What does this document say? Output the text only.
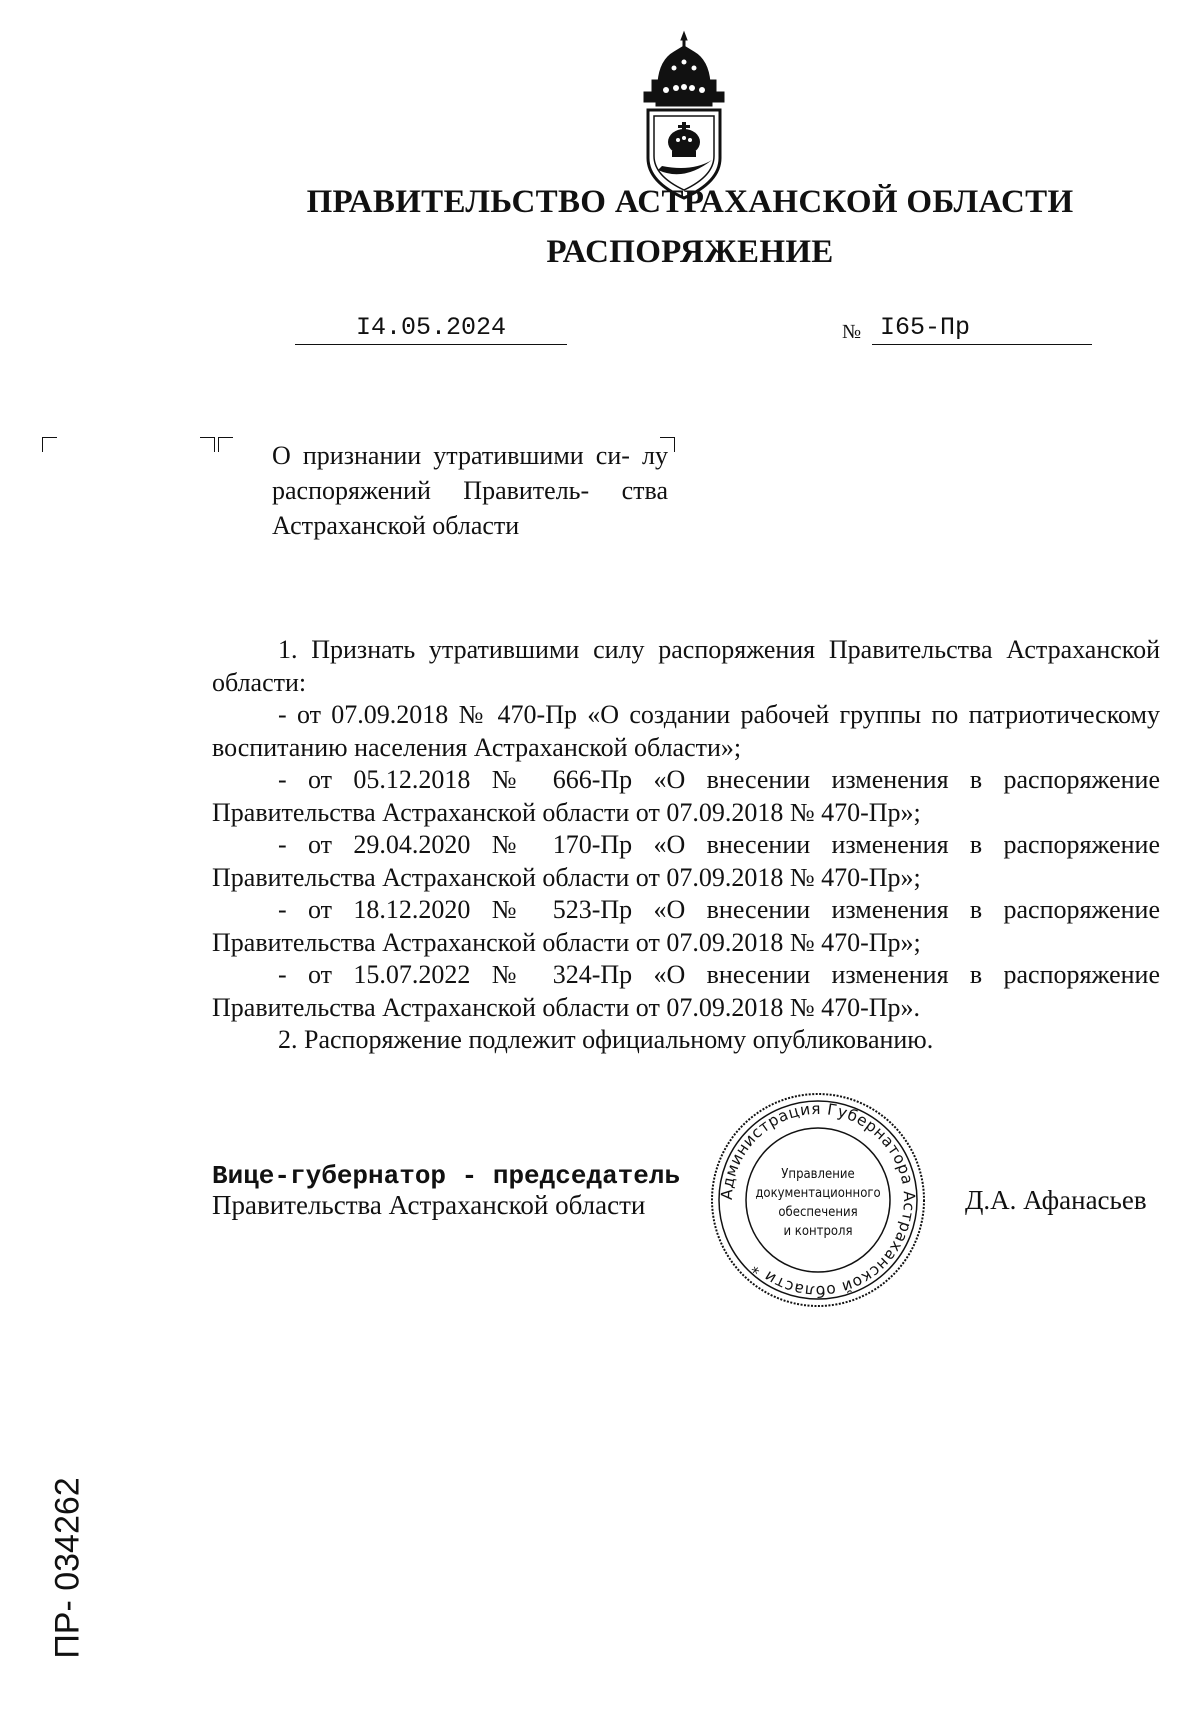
ПРАВИТЕЛЬСТВО АСТРАХАНСКОЙ ОБЛАСТИ
РАСПОРЯЖЕНИЕ
I4.05.2024	№ I65-Пр
О признании утратившими си- лу распоряжений Правитель- ства Астраханской области

1. Признать утратившими силу распоряжения Правительства Астраханской области:

- от 07.09.2018 № 470-Пр «О создании рабочей группы по патриотическому воспитанию населения Астраханской области»;

- от 05.12.2018 № 666-Пр «О внесении изменения в распоряжение Правительства Астраханской области от 07.09.2018 № 470-Пр»;

- от 29.04.2020 № 170-Пр «О внесении изменения в распоряжение Правительства Астраханской области от 07.09.2018 № 470-Пр»;

- от 18.12.2020 № 523-Пр «О внесении изменения в распоряжение Правительства Астраханской области от 07.09.2018 № 470-Пр»;

- от 15.07.2022 № 324-Пр «О внесении изменения в распоряжение Правительства Астраханской области от 07.09.2018 № 470-Пр».

2. Распоряжение подлежит официальному опубликованию.

Вице-губернатор - председатель
Правительства Астраханской области	Д.А. Афанасьев
Администрация Губернатора Астраханской области *
Управление
документационного
обеспечения
и контроля
ПР- 034262
